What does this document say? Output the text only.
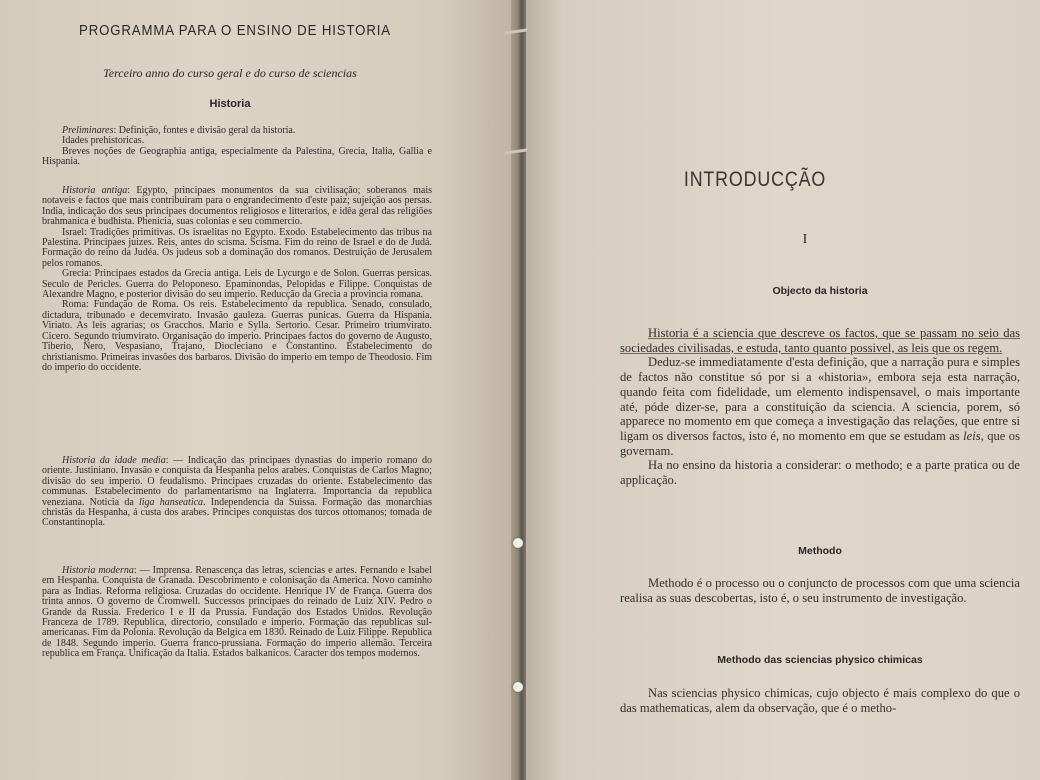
PROGRAMMA PARA O ENSINO DE HISTORIA
Terceiro anno do curso geral e do curso de sciencias
Historia

Preliminares: Definição, fontes e divisão geral da historia.

Idades prehistoricas.

Breves noções de Geographia antiga, especialmente da Palestina, Grecia, Italia, Gallia e Hispania.

Historia antiga: Egypto, principaes monumentos da sua civilisação; soberanos mais notaveis e factos que mais contribuiram para o engrandecimento d'este paiz; sujeição aos persas. India, indicação dos seus principaes documentos religiosos e litterarios, e idêa geral das religiões brahmanica e budhista. Phenicia, suas colonias e seu commercio.

Israel: Tradições primitivas. Os israelitas no Egypto. Exodo. Estabelecimento das tribus na Palestina. Principaes juizes. Reis, antes do scisma. Scisma. Fim do reino de Israel e do de Judá. Formação do reino da Judéa. Os judeus sob a dominação dos romanos. Destruição de Jerusalem pelos romanos.

Grecia: Principaes estados da Grecia antiga. Leis de Lycurgo e de Solon. Guerras persicas. Seculo de Pericles. Guerra do Peloponeso. Epaminondas, Pelopidas e Filippe. Conquistas de Alexandre Magno, e posterior divisão do seu imperio. Reducção da Grecia a provincia romana.

Roma: Fundação de Roma. Os reis. Estabelecimento da republica. Senado, consulado, dictadura, tribunado e decemvirato. Invasão gauleza. Guerras punicas. Guerra da Hispania. Viriato. As leis agrarias; os Gracchos. Mario e Sylla. Sertorio. Cesar. Primeiro triumvirato. Cicero. Segundo triumvirato. Organisação do imperio. Principaes factos do governo de Augusto, Tiberio, Nero, Vespasiano, Trajano, Diocleciano e Constantino. Estabelecimento do christianismo. Primeiras invasões dos barbaros. Divisão do imperio em tempo de Theodosio. Fim do imperio do occidente.

Historia da idade media: — Indicação das principaes dynastias do imperio romano do oriente. Justiniano. Invasão e conquista da Hespanha pelos arabes. Conquistas de Carlos Magno; divisão do seu imperio. O feudalismo. Principaes cruzadas do oriente. Estabelecimento das communas. Estabelecimento do parlamentarismo na Inglaterra. Importancia da republica veneziana. Noticia da liga hanseatica. Independencia da Suissa. Formação das monarchias christãs da Hespanha, á custa dos arabes. Principes conquistas dos turcos ottomanos; tomada de Constantinopla.

Historia moderna: — Imprensa. Renascença das letras, sciencias e artes. Fernando e Isabel em Hespanha. Conquista de Granada. Descobrimento e colonisação da America. Novo caminho para as Indias. Reforma religiosa. Cruzadas do occidente. Henrique IV de França. Guerra dos trinta annos. O governo de Cromwell. Successos principaes do reinado de Luiz XIV. Pedro o Grande da Russia. Frederico I e II da Prussia. Fundação dos Estados Unidos. Revolução Franceza de 1789. Republica, directorio, consulado e imperio. Formação das republicas sul-americanas. Fim da Polonia. Revolução da Belgica em 1830. Reinado de Luiz Filippe. Republica de 1848. Segundo imperio. Guerra franco-prussiana. Formação do imperio allemão. Terceira republica em França. Unificação da Italia. Estados balkanicos. Caracter dos tempos modernos.

INTRODUCÇÃO
I
Objecto da historia

Historia é a sciencia que descreve os factos, que se passam no seio das sociedades civilisadas, e estuda, tanto quanto possivel, as leis que os regem.

Deduz-se immediatamente d'esta definição, que a narração pura e simples de factos não constitue só por si a «historia», embora seja esta narração, quando feita com fidelidade, um elemento indispensavel, o mais importante até, póde dizer-se, para a constituição da sciencia. A sciencia, porem, só apparece no momento em que começa a investigação das relações, que entre si ligam os diversos factos, isto é, no momento em que se estudam as leis, que os governam.

Ha no ensino da historia a considerar: o methodo; e a parte pratica ou de applicação.

Methodo

Methodo é o processo ou o conjuncto de processos com que uma sciencia realisa as suas descobertas, isto é, o seu instrumento de investigação.

Methodo das sciencias physico chimicas

Nas sciencias physico chimicas, cujo objecto é mais complexo do que o das mathematicas, alem da observação, que é o metho-
